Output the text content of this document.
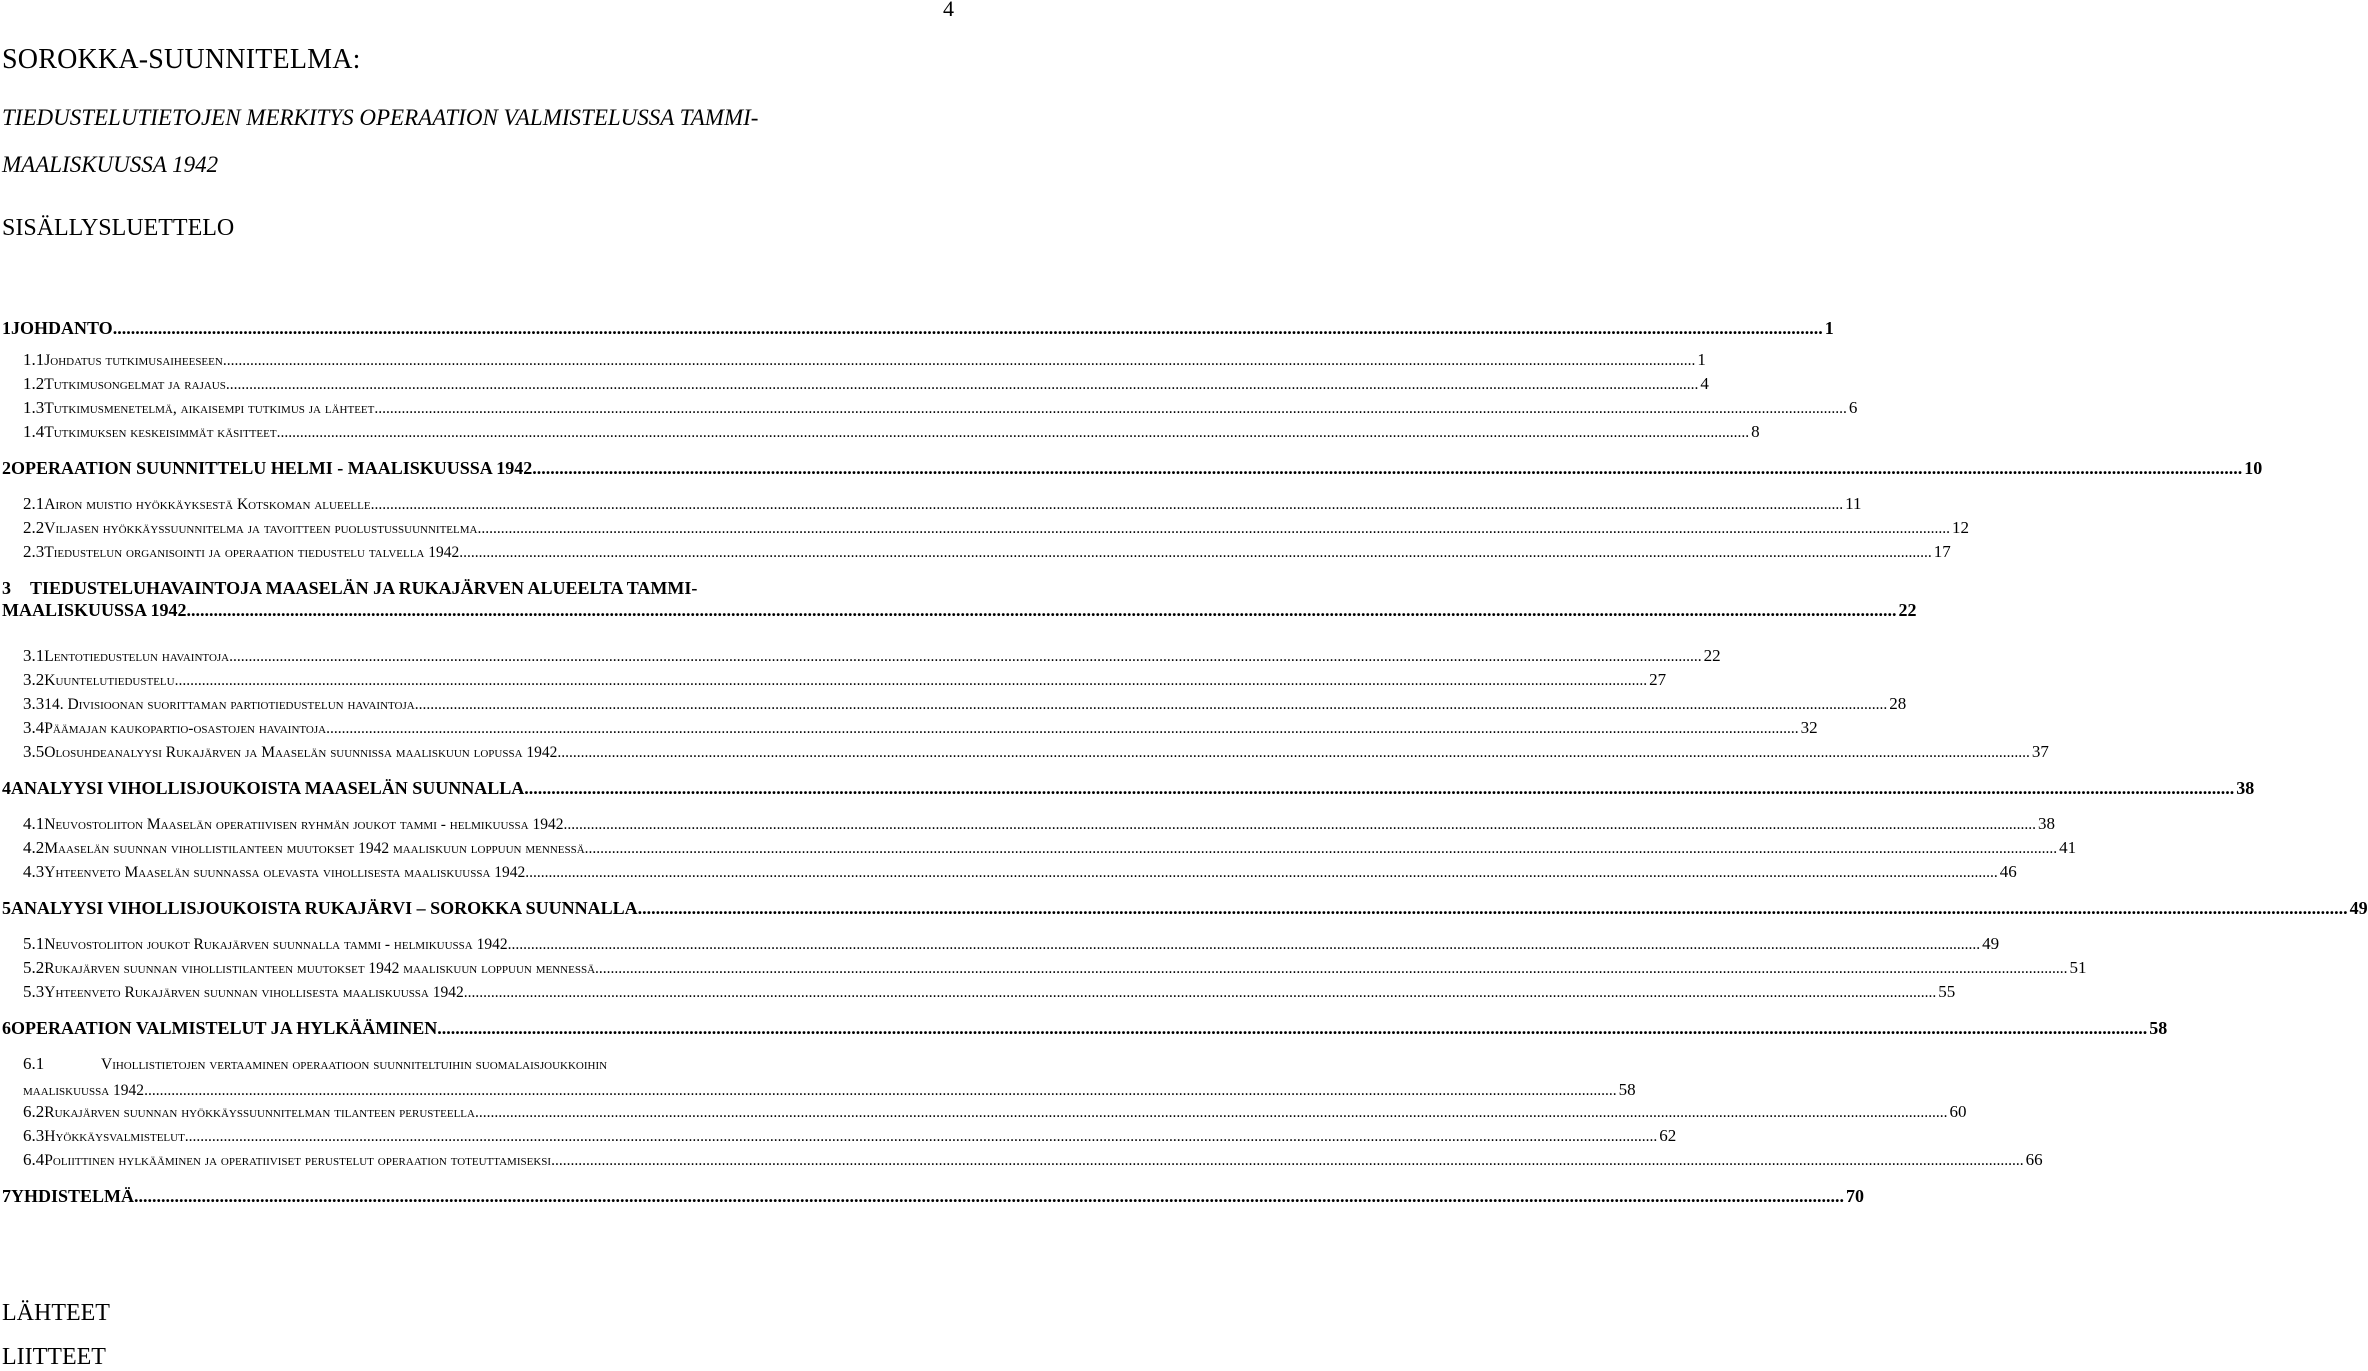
4
SOROKKA-SUUNNITELMA:
TIEDUSTELUTIETOJEN MERKITYS OPERAATION VALMISTELUSSA TAMMI-MAALISKUUSSA 1942
SISÄLLYSLUETTELO
1 JOHDANTO .....	1
1.1 Johdatus tutkimusaiheeseen .....	1
1.2 Tutkimusongelmat ja rajaus .....	4
1.3 Tutkimusmenetelmä, aikaisempi tutkimus ja lähteet .....	6
1.4 Tutkimuksen keskeisimmät käsitteet .....	8
2 OPERAATION SUUNNITTELU HELMI - MAALISKUUSSA 1942 .....	10
2.1 Airon muistio hyökkäyksestä Kotskoman alueelle .....	11
2.2 Viljasen hyökkäyssuunnitelma ja tavoitteen puolustussuunnitelma .....	12
2.3 Tiedustelun organisointi ja operaation tiedustelu talvella 1942 .....	17
3	TIEDUSTELUHAVAINTOJA MAASELÄN JA RUKAJÄRVEN ALUEELTA TAMMI-
MAALISKUUSSA 1942 .....	22
3.1 Lentotiedustelun havaintoja .....	22
3.2 Kuuntelutiedustelu .....	27
3.3 14. Divisioonan suorittaman partiotiedustelun havaintoja .....	28
3.4 Päämajan kaukopartio-osastojen havaintoja .....	32
3.5 Olosuhdeanalyysi Rukajärven ja Maaselän suunnissa maaliskuun lopussa 1942 .....	37
4 ANALYYSI VIHOLLISJOUKOISTA MAASELÄN SUUNNALLA .....	38
4.1 Neuvostoliiton Maaselän operatiivisen ryhmän joukot tammi - helmikuussa 1942 .....	38
4.2 Maaselän suunnan vihollistilanteen muutokset 1942 maaliskuun loppuun mennessä .....	41
4.3 Yhteenveto Maaselän suunnassa olevasta vihollisesta maaliskuussa 1942 .....	46
5 ANALYYSI VIHOLLISJOUKOISTA RUKAJÄRVI – SOROKKA SUUNNALLA .....	49
5.1 Neuvostoliiton joukot Rukajärven suunnalla tammi - helmikuussa 1942 .....	49
5.2 Rukajärven suunnan vihollistilanteen muutokset 1942 maaliskuun loppuun mennessä .....	51
5.3 Yhteenveto Rukajärven suunnan vihollisesta maaliskuussa 1942 .....	55
6 OPERAATION VALMISTELUT JA HYLKÄÄMINEN .....	58
6.1	Vihollistietojen vertaaminen operaatioon suunniteltuihin suomalaisjoukkoihin
maaliskuussa 1942 .....	58
6.2 Rukajärven suunnan hyökkäyssuunnitelman tilanteen perusteella .....	60
6.3 Hyökkäysvalmistelut .....	62
6.4 Poliittinen hylkääminen ja operatiiviset perustelut operaation toteuttamiseksi .....	66
7 YHDISTELMÄ .....	70
LÄHTEET
LIITTEET
